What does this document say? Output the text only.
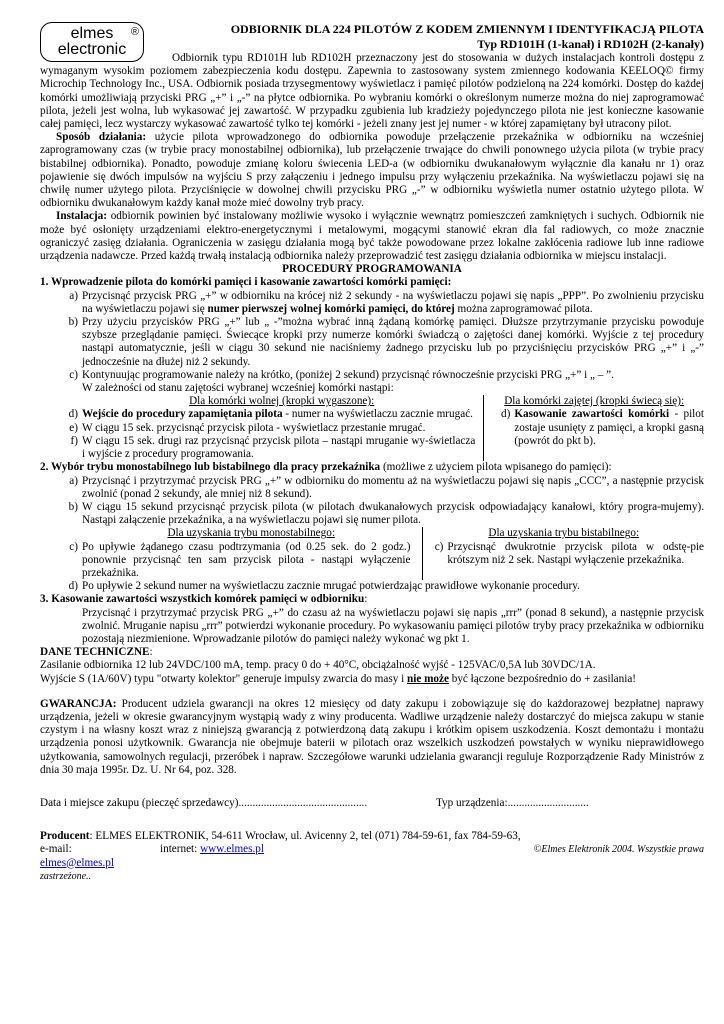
elmes
electronic
®	ODBIORNIK DLA 224 PILOTÓW Z KODEM ZMIENNYM I IDENTYFIKACJĄ PILOTA
Typ RD101H (1-kanał) i RD102H (2-kanały)

Odbiornik typu RD101H lub RD102H przeznaczony jest do stosowania w dużych instalacjach kontroli dostępu z wymaganym wysokim poziomem zabezpieczenia kodu dostępu. Zapewnia to zastosowany system zmiennego kodowania KEELOQ© firmy Microchip Technology Inc., USA. Odbiornik posiada trzysegmentowy wyświetlacz i pamięć pilotów podzieloną na 224 komórki. Dostęp do każdej komórki umożliwiają przyciski PRG „+” i „-” na płytce odbiornika. Po wybraniu komórki o określonym numerze można do niej zaprogramować pilota, jeżeli jest wolna, lub wykasować jej zawartość. W przypadku zgubienia lub kradzieży pojedynczego pilota nie jest konieczne kasowanie całej pamięci, lecz wystarczy wykasować zawartość tylko tej komórki - jeżeli znany jest jej numer - w której zapamiętany był utracony pilot.

Sposób działania: użycie pilota wprowadzonego do odbiornika powoduje przełączenie przekaźnika w odbiorniku na wcześniej zaprogramowany czas (w trybie pracy monostabilnej odbiornika), lub przełączenie trwające do chwili ponownego użycia pilota (w trybie pracy bistabilnej odbiornika). Ponadto, powoduje zmianę koloru świecenia LED-a (w odbiorniku dwukanałowym wyłącznie dla kanału nr 1) oraz pojawienie się dwóch impulsów na wyjściu S przy załączeniu i jednego impulsu przy wyłączeniu przekaźnika. Na wyświetlaczu pojawi się na chwilę numer użytego pilota. Przyciśnięcie w dowolnej chwili przycisku PRG „-” w odbiorniku wyświetla numer ostatnio użytego pilota. W odbiorniku dwukanałowym każdy kanał może mieć dowolny tryb pracy.

Instalacja: odbiornik powinien być instalowany możliwie wysoko i wyłącznie wewnątrz pomieszczeń zamkniętych i suchych. Odbiornik nie może być osłonięty urządzeniami elektro-energetycznymi i metalowymi, mogącymi stanowić ekran dla fal radiowych, co może znacznie ograniczyć zasięg działania. Ograniczenia w zasięgu działania mogą być także powodowane przez lokalne zakłócenia radiowe lub inne radiowe urządzenia nadawcze. Przed każdą trwałą instalacją odbiornika należy przeprowadzić test zasięgu działania odbiornika w miejscu instalacji.

PROCEDURY PROGRAMOWANIA
1. Wprowadzenie pilota do komórki pamięci i kasowanie zawartości komórki pamięci:
a) Przycisnąć przycisk PRG „+” w odbiorniku na krócej niż 2 sekundy - na wyświetlaczu pojawi się napis „PPP”. Po zwolnieniu przycisku na wyświetlaczu pojawi się numer pierwszej wolnej komórki pamięci, do której można zaprogramować pilota.
b) Przy użyciu przycisków PRG „+” lub „ -”można wybrać inną żądaną komórkę pamięci. Dłuższe przytrzymanie przycisku powoduje szybsze przeglądanie pamięci. Świecące kropki przy numerze komórki świadczą o zajętości danej komórki. Wyjście z tej procedury nastąpi automatycznie, jeśli w ciągu 30 sekund nie naciśniemy żadnego przycisku lub po przyciśnięciu przycisków PRG „+” i „-” jednocześnie na dłużej niż 2 sekundy.
c) Kontynuując programowanie należy na krótko, (poniżej 2 sekund) przycisnąć równocześnie przyciski PRG „+” i „ – ”.
W zależności od stanu zajętości wybranej wcześniej komórki nastąpi:
Dla komórki wolnej (kropki wygaszone):
d) Wejście do procedury zapamiętania pilota - numer na wyświetlaczu zacznie mrugać.
e) W ciągu 15 sek. przycisnąć przycisk pilota - wyświetlacz przestanie mrugać.
f) W ciągu 15 sek. drugi raz przycisnąć przycisk pilota – nastąpi mruganie wy-świetlacza i wyjście z procedury programowania.
Dla komórki zajętej (kropki świecą się):
d) Kasowanie zawartości komórki - pilot zostaje usunięty z pamięci, a kropki gasną (powrót do pkt b).
2. Wybór trybu monostabilnego lub bistabilnego dla pracy przekaźnika (możliwe z użyciem pilota wpisanego do pamięci):
a) Przycisnąć i przytrzymać przycisk PRG „+” w odbiorniku do momentu aż na wyświetlaczu pojawi się napis „CCC”, a następnie przycisk zwolnić (ponad 2 sekundy, ale mniej niż 8 sekund).
b) W ciągu 15 sekund przycisnąć przycisk pilota (w pilotach dwukanałowych przycisk odpowiadający kanałowi, który progra-mujemy). Nastąpi załączenie przekaźnika, a na wyświetlaczu pojawi się numer pilota.
Dla uzyskania trybu monostabilnego:
c) Po upływie żądanego czasu podtrzymania (od 0.25 sek. do 2 godz.) ponownie przycisnąć ten sam przycisk pilota - nastąpi wyłączenie przekaźnika.
Dla uzyskania trybu bistabilnego:
c) Przycisnąć dwukrotnie przycisk pilota w odstę-pie krótszym niż 2 sek. Nastąpi wyłączenie przekaźnika.
d) Po upływie 2 sekund numer na wyświetlaczu zacznie mrugać potwierdzając prawidłowe wykonanie procedury.
3. Kasowanie zawartości wszystkich komórek pamięci w odbiorniku:

Przycisnąć i przytrzymać przycisk PRG „+” do czasu aż na wyświetlaczu pojawi się napis „rrr” (ponad 8 sekund), a następnie przycisk zwolnić. Mruganie napisu „rrr” potwierdzi wykonanie procedury. Po wykasowaniu pamięci pilotów tryby pracy przekaźnika w odbiorniku pozostają niezmienione. Wprowadzanie pilotów do pamięci należy wykonać wg pkt 1.

DANE TECHNICZNE:
Zasilanie odbiornika 12 lub 24VDC/100 mA, temp. pracy 0 do + 40°C, obciążalność wyjść - 125VAC/0,5A lub 30VDC/1A.
Wyjście S (1A/60V) typu "otwarty kolektor" generuje impulsy zwarcia do masy i nie może być łączone bezpośrednio do + zasilania!

GWARANCJA: Producent udziela gwarancji na okres 12 miesięcy od daty zakupu i zobowiązuje się do każdorazowej bezpłatnej naprawy urządzenia, jeżeli w okresie gwarancyjnym wystąpią wady z winy producenta. Wadliwe urządzenie należy dostarczyć do miejsca zakupu w stanie czystym i na własny koszt wraz z niniejszą gwarancją z potwierdzoną datą zakupu i krótkim opisem uszkodzenia. Koszt demontażu i montażu urządzenia ponosi użytkownik. Gwarancja nie obejmuje baterii w pilotach oraz wszelkich uszkodzeń powstałych w wyniku nieprawidłowego użytkowania, samowolnych regulacji, przeróbek i napraw. Szczegółowe warunki udzielania gwarancji reguluje Rozporządzenie Rady Ministrów z dnia 30 maja 1995r. Dz. U. Nr 64, poz. 328.

Data i miejsce zakupu (pieczęć sprzedawcy)..............................................	Typ urządzenia:.............................
Producent: ELMES ELEKTRONIK, 54-611 Wrocław, ul. Avicenny 2, tel (071) 784-59-61, fax 784-59-63,
e-mail: elmes@elmes.pl
internet: www.elmes.pl	©Elmes Elektronik 2004. Wszystkie prawa
zastrzeżone..
